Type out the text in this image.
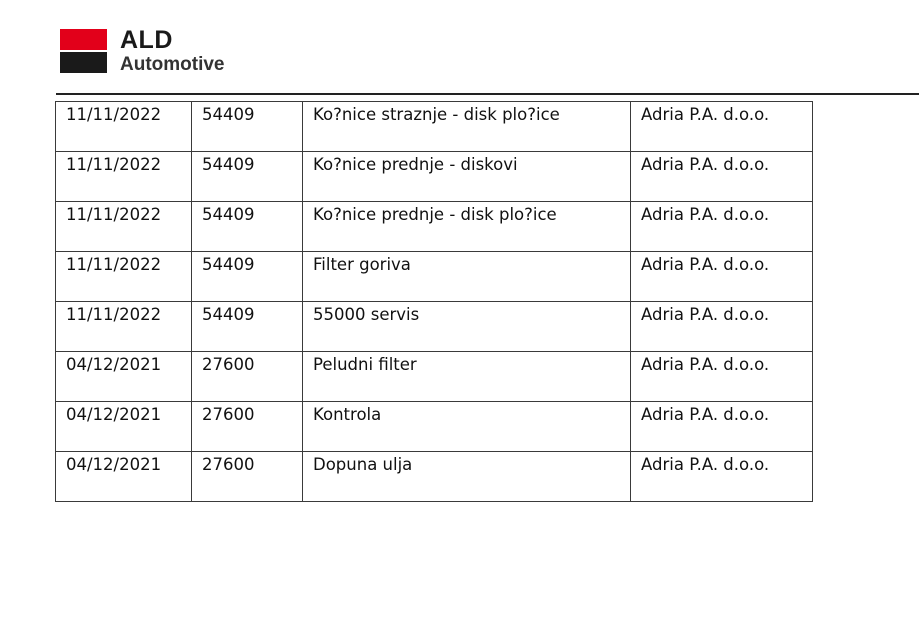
ALD
Automotive
11/11/2022	54409	Ko?nice straznje - disk plo?ice	Adria P.A. d.o.o.
11/11/2022	54409	Ko?nice prednje - diskovi	Adria P.A. d.o.o.
11/11/2022	54409	Ko?nice prednje - disk plo?ice	Adria P.A. d.o.o.
11/11/2022	54409	Filter goriva	Adria P.A. d.o.o.
11/11/2022	54409	55000 servis	Adria P.A. d.o.o.
04/12/2021	27600	Peludni filter	Adria P.A. d.o.o.
04/12/2021	27600	Kontrola	Adria P.A. d.o.o.
04/12/2021	27600	Dopuna ulja	Adria P.A. d.o.o.
